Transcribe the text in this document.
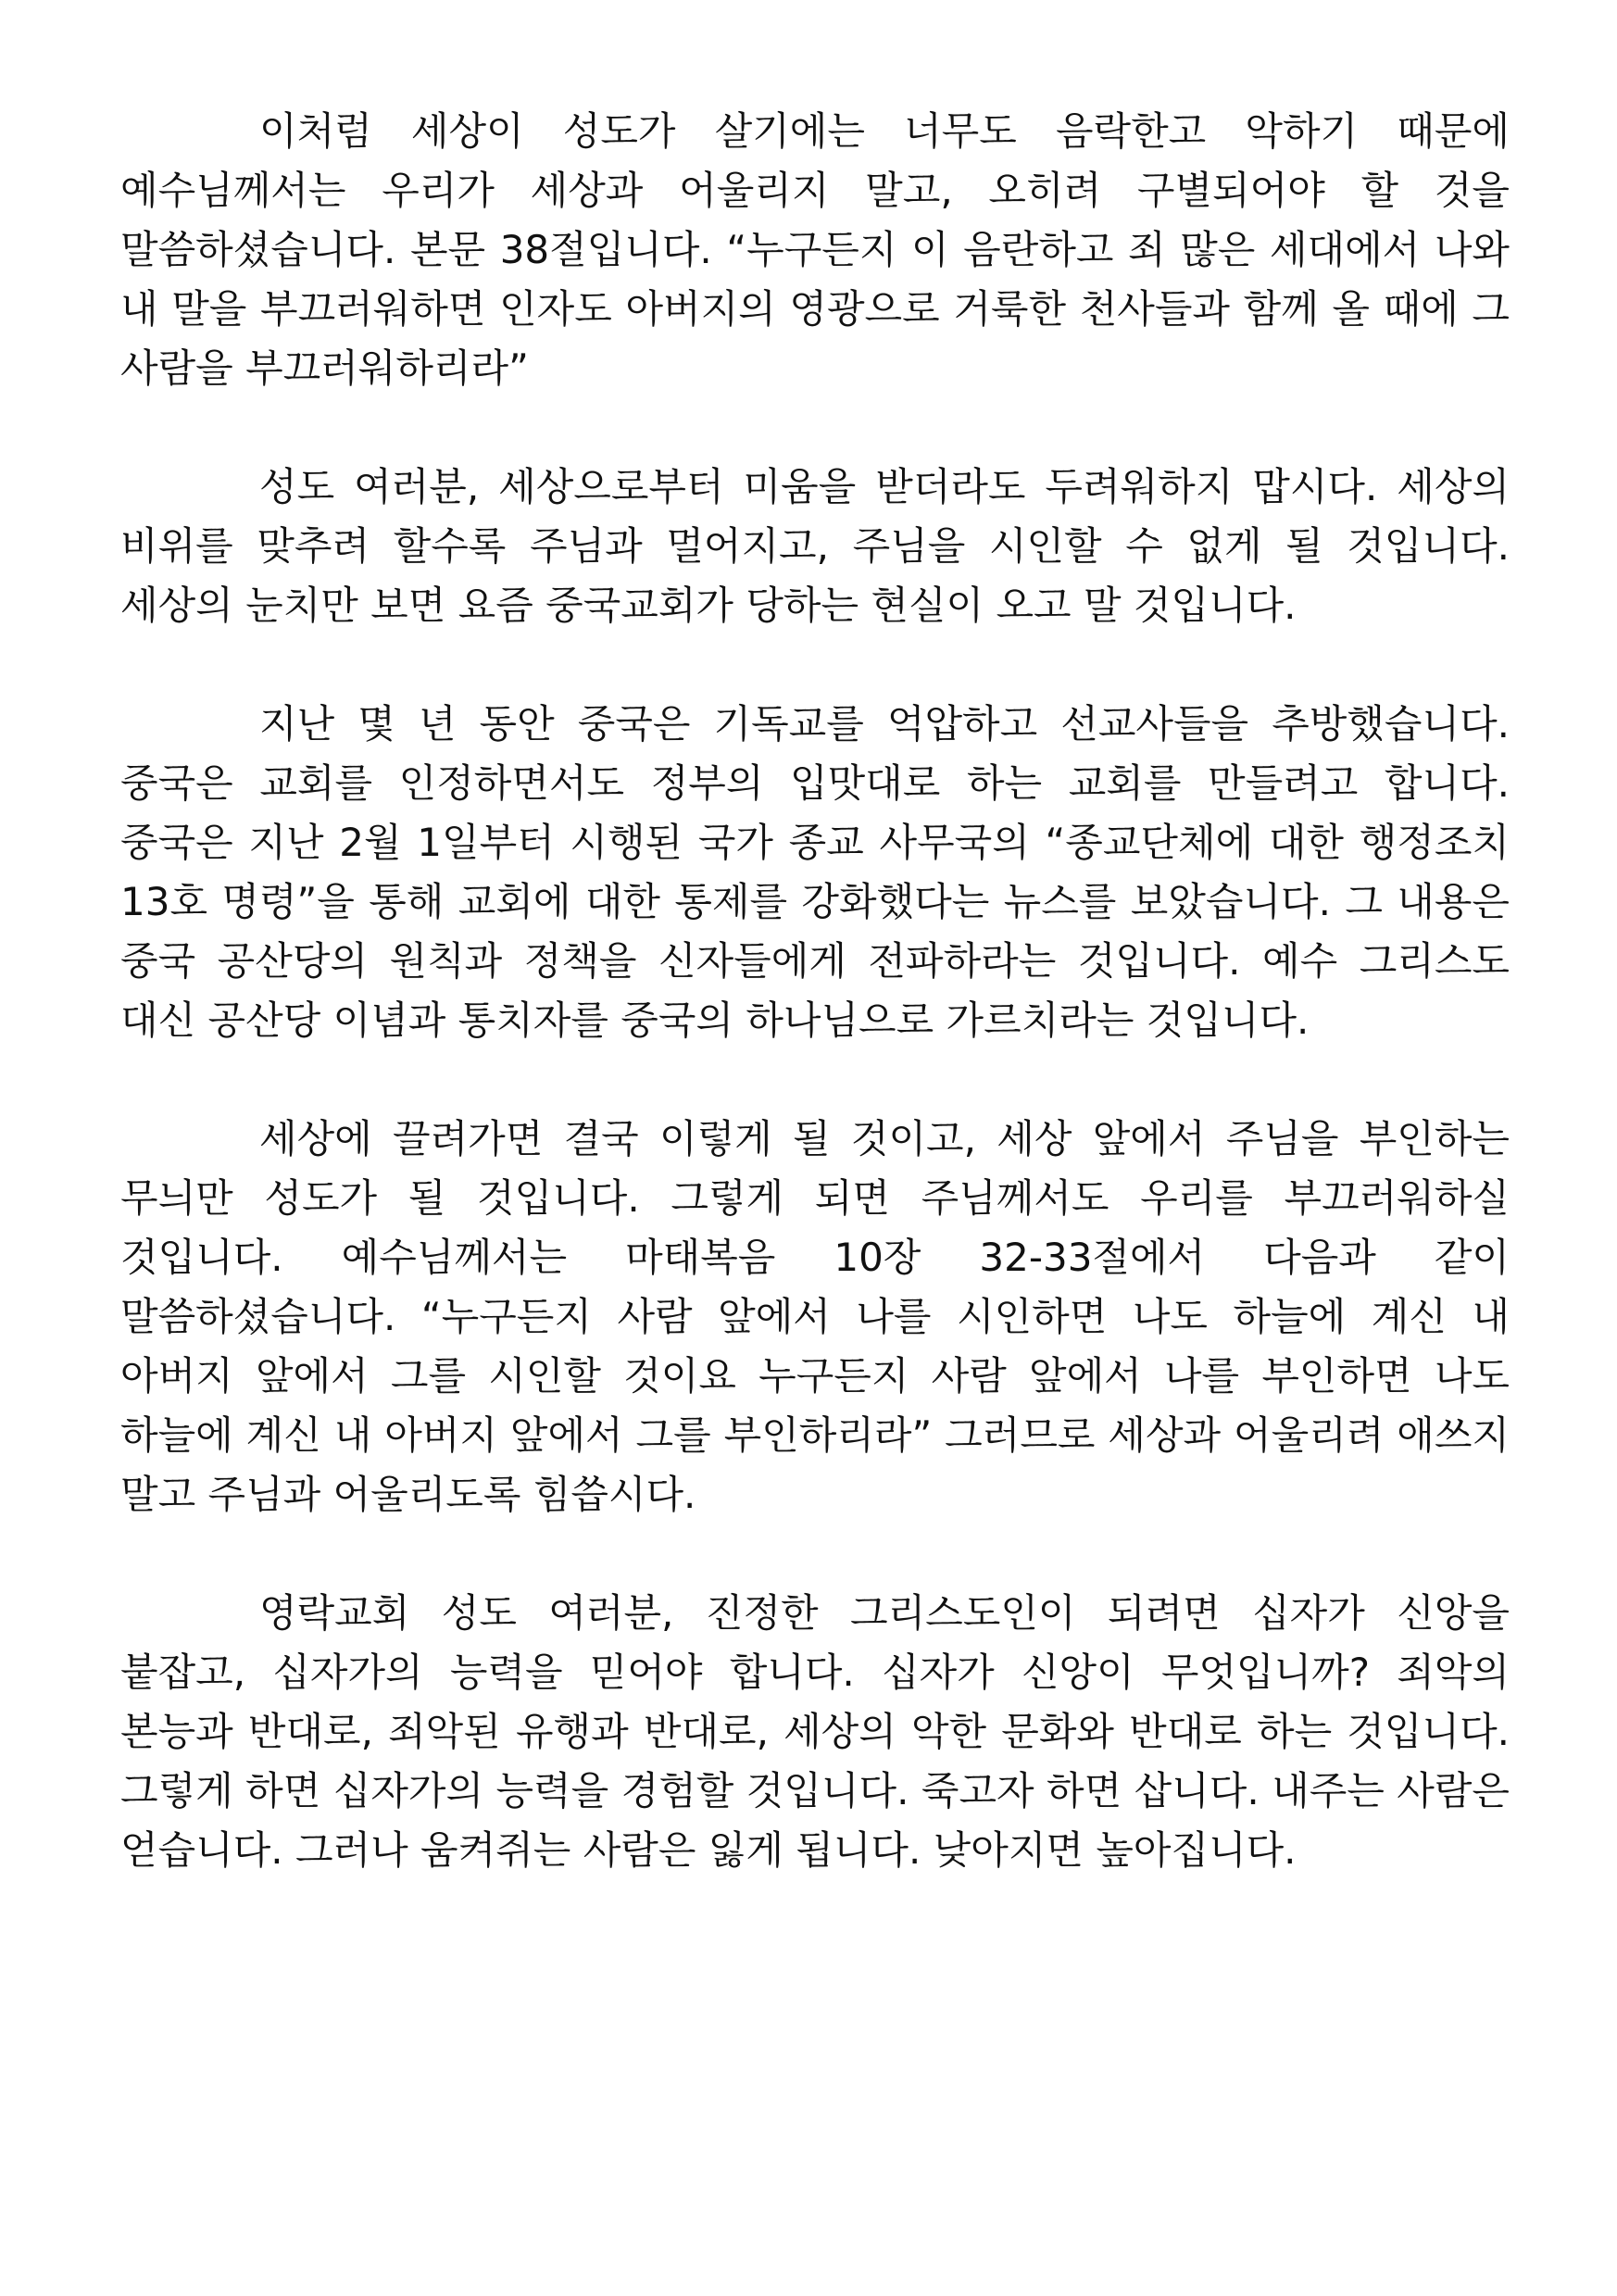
이처럼 세상이 성도가 살기에는 너무도 음락한고 악하기 때문에 예수님께서는 우리가 세상과 어울리지 말고, 오히려 구별되어야 할 것을 말씀하셨습니다. 본문 38절입니다. “누구든지 이 음란하고 죄 많은 세대에서 나와 내 말을 부끄러워하면 인자도 아버지의 영광으로 거룩한 천사들과 함께 올 때에 그 사람을 부끄러워하리라”

성도 여러분, 세상으로부터 미움을 받더라도 두려워하지 맙시다. 세상의 비위를 맞추려 할수록 주님과 멀어지고, 주님을 시인할 수 없게 될 것입니다. 세상의 눈치만 보면 요즘 중국교회가 당하는 현실이 오고 말 것입니다.

지난 몇 년 동안 중국은 기독교를 억압하고 선교사들을 추방했습니다. 중국은 교회를 인정하면서도 정부의 입맛대로 하는 교회를 만들려고 합니다. 중국은 지난 2월 1일부터 시행된 국가 종교 사무국의 “종교단체에 대한 행정조치 13호 명령”을 통해 교회에 대한 통제를 강화했다는 뉴스를 보았습니다. 그 내용은 중국 공산당의 원칙과 정책을 신자들에게 전파하라는 것입니다. 예수 그리스도 대신 공산당 이념과 통치자를 중국의 하나님으로 가르치라는 것입니다.

세상에 끌려가면 결국 이렇게 될 것이고, 세상 앞에서 주님을 부인하는 무늬만 성도가 될 것입니다. 그렇게 되면 주님께서도 우리를 부끄러워하실 것입니다. 예수님께서는 마태복음 10장 32-33절에서 다음과 같이 말씀하셨습니다. “누구든지 사람 앞에서 나를 시인하면 나도 하늘에 계신 내 아버지 앞에서 그를 시인할 것이요 누구든지 사람 앞에서 나를 부인하면 나도 하늘에 계신 내 아버지 앞에서 그를 부인하리라” 그러므로 세상과 어울리려 애쓰지 말고 주님과 어울리도록 힘씁시다.

영락교회 성도 여러분, 진정한 그리스도인이 되려면 십자가 신앙을 붙잡고, 십자가의 능력을 믿어야 합니다. 십자가 신앙이 무엇입니까? 죄악의 본능과 반대로, 죄악된 유행과 반대로, 세상의 악한 문화와 반대로 하는 것입니다. 그렇게 하면 십자가의 능력을 경험할 것입니다. 죽고자 하면 삽니다. 내주는 사람은 얻습니다. 그러나 움켜쥐는 사람은 잃게 됩니다. 낮아지면 높아집니다.
